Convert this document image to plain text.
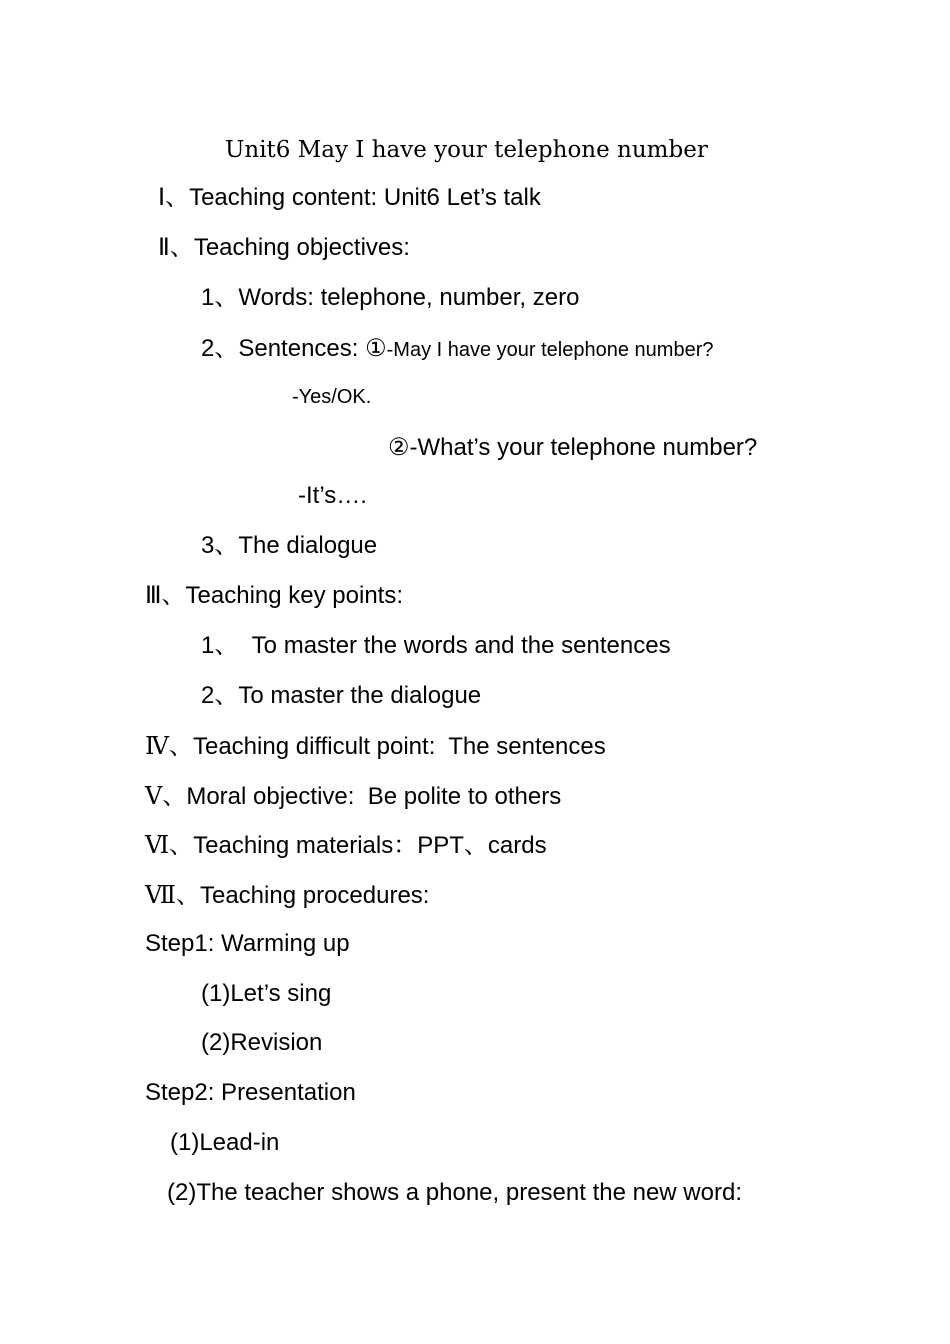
Unit6 May I have your telephone number
Ⅰ、Teaching content: Unit6 Let’s talk
Ⅱ、Teaching objectives:
1、Words: telephone, number, zero
2、Sentences: ①-May I have your telephone number?
-Yes/OK.
②-What’s your telephone number?
-It’s….
3、The dialogue
Ⅲ、Teaching key points:
1、  To master the words and the sentences
2、To master the dialogue
Ⅳ、Teaching difficult point:  The sentences
Ⅴ、Moral objective:  Be polite to others
Ⅵ、Teaching materials：PPT、cards
Ⅶ、Teaching procedures:
Step1: Warming up
(1)Let’s sing
(2)Revision
Step2: Presentation
(1)Lead-in
(2)The teacher shows a phone, present the new word:
